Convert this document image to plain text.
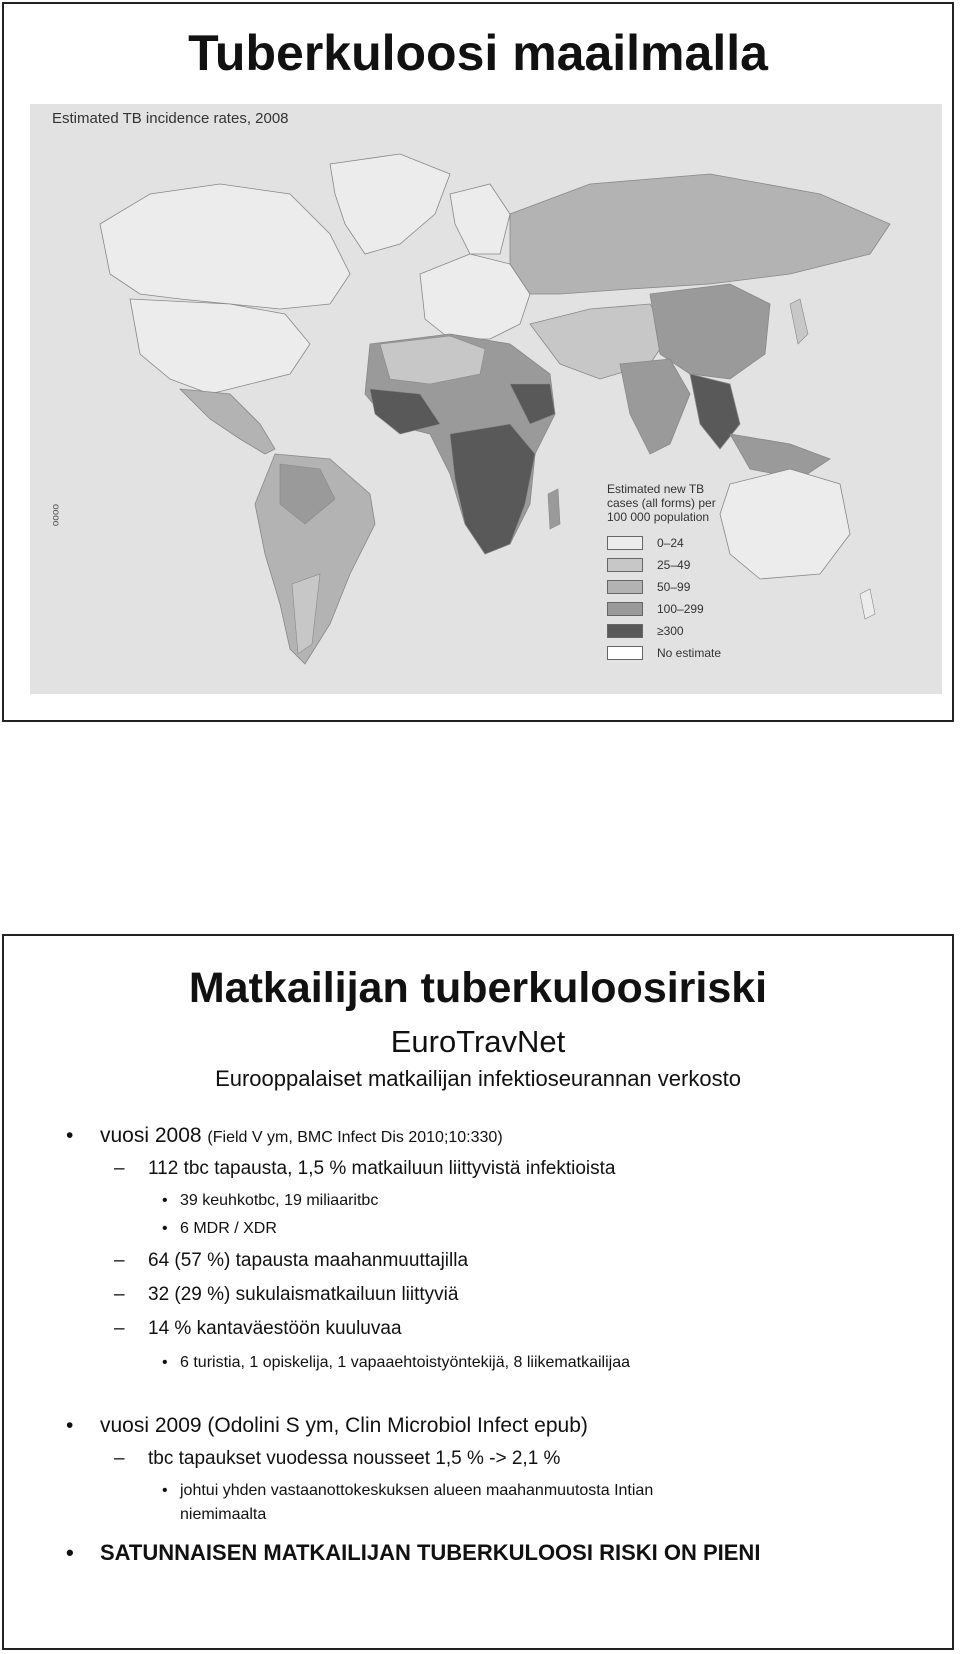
Tuberkuloosi maailmalla
Estimated TB incidence rates, 2008
oooo
Estimated new TB
cases (all forms) per
100 000 population
0–24
25–49
50–99
100–299
≥300
No estimate
Matkailijan tuberkuloosiriski
EuroTravNet
Eurooppalaiset matkailijan infektioseurannan verkosto
• vuosi 2008 (Field V ym, BMC Infect Dis 2010;10:330)
– 112 tbc tapausta, 1,5 % matkailuun liittyvistä infektioista
• 39 keuhkotbc, 19 miliaaritbc
• 6 MDR / XDR
– 64 (57 %) tapausta maahanmuuttajilla
– 32 (29 %) sukulaismatkailuun liittyviä
– 14 % kantaväestöön kuuluvaa
• 6 turistia, 1 opiskelija, 1 vapaaehtoistyöntekijä, 8 liikematkailijaa
• vuosi 2009 (Odolini S ym, Clin Microbiol Infect epub)
– tbc tapaukset vuodessa nousseet 1,5 % -> 2,1 %
• johtui yhden vastaanottokeskuksen alueen maahanmuutosta Intian
niemimaalta
• SATUNNAISEN MATKAILIJAN TUBERKULOOSI RISKI ON PIENI
